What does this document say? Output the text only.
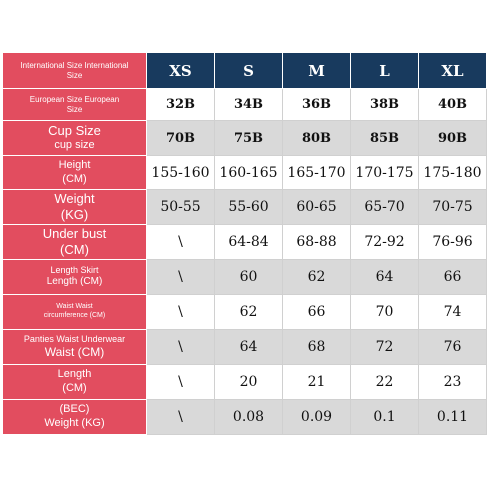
International Size International
Size	XS	S	M	L	XL

European Size European
Size	32B	34B	36B	38B	40B

Cup Size
cup size	70B	75B	80B	85B	90B

Height
(CM)	155-160	160-165	165-170	170-175	175-180

Weight
(KG)	50-55	55-60	60-65	65-70	70-75

Under bust
(CM)	\	64-84	68-88	72-92	76-96

Length Skirt
Length (CM)	\	60	62	64	66

Waist Waist
circumference (CM)	\	62	66	70	74

Panties Waist Underwear
Waist (CM)	\	64	68	72	76

Length
(CM)	\	20	21	22	23

(BEC)
Weight (KG)	\	0.08	0.09	0.1	0.11
